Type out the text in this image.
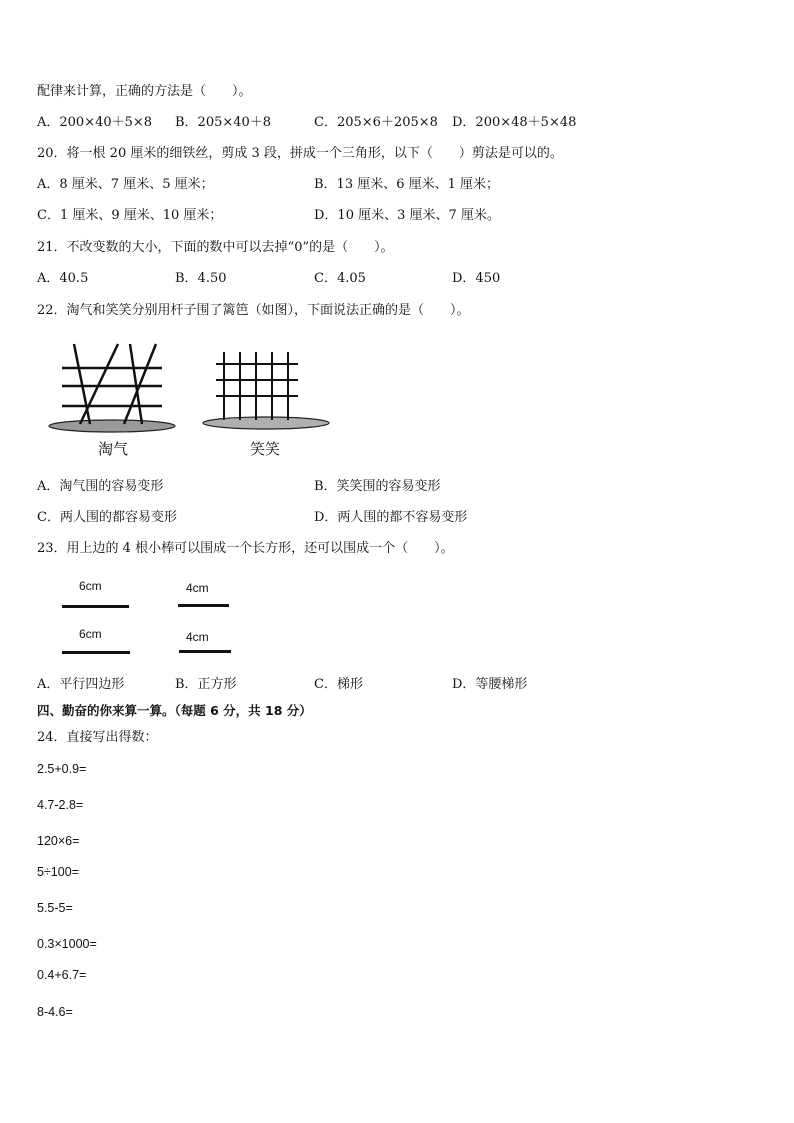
配律来计算，正确的方法是（　　）。
A．200×40＋5×8 B．205×40＋8	C．205×6＋205×8 D．200×48＋5×48
20．将一根 20 厘米的细铁丝，剪成 3 段，拼成一个三角形，以下（　　）剪法是可以的。
A．8 厘米、7 厘米、5 厘米；	B．13 厘米、6 厘米、1 厘米；
C．1 厘米、9 厘米、10 厘米；	D．10 厘米、3 厘米、7 厘米。
21．不改变数的大小，下面的数中可以去掉“0”的是（　　）。
A．40.5	B．4.50	C．4.05	D．450
22．淘气和笑笑分别用杆子围了篱笆（如图），下面说法正确的是（　　）。
淘气	笑笑
A．淘气围的容易变形	B．笑笑围的容易变形
C．两人围的都容易变形	D．两人围的都不容易变形
23．用上边的 4 根小棒可以围成一个长方形，还可以围成一个（　　）。
6cm	4cm
6cm	4cm
A．平行四边形	B．正方形	C．梯形	D．等腰梯形
四、勤奋的你来算一算。（每题 6 分，共 18 分）
24．直接写出得数：
2.5+0.9=
4.7-2.8=
120×6=
5÷100=
5.5-5=
0.3×1000=
0.4+6.7=
8-4.6=
